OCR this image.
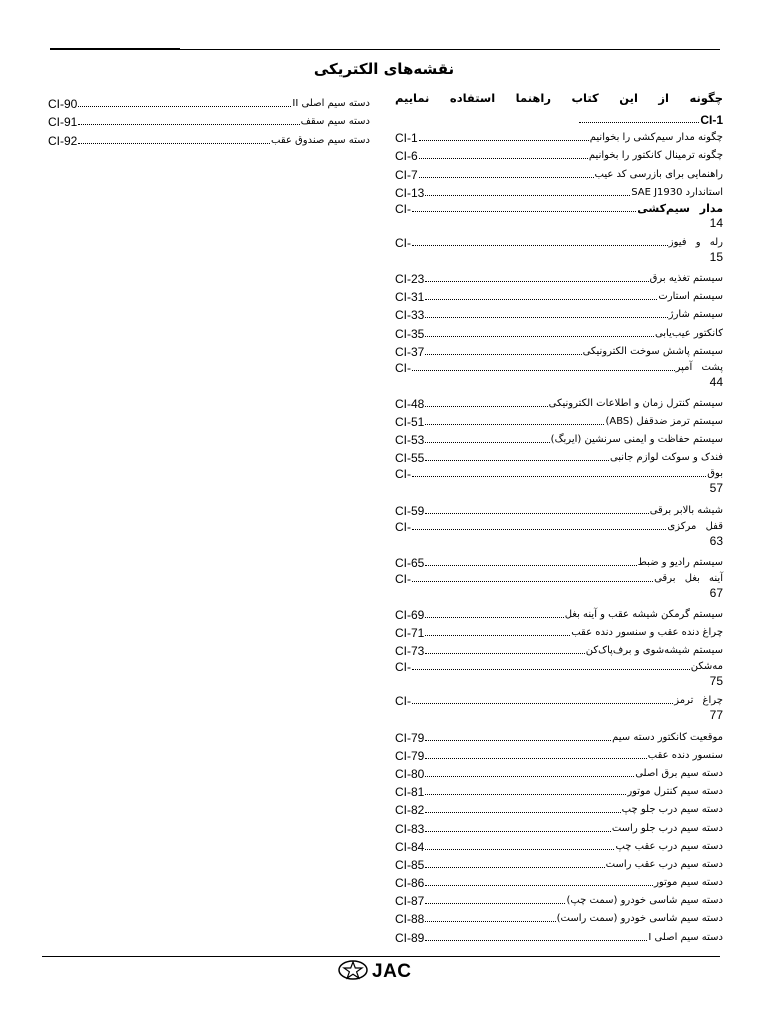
نقشه‌های الکتریکی
چگونه از این کتاب راهنما استفاده نماییم
CI-1
چگونه مدار سیم‌کشی را بخوانیم
CI-1
چگونه ترمینال کانکتور را بخوانیم
CI-6
راهنمایی برای بازرسی کد عیب
CI-7
استاندارد SAE J1930
CI-13
مدار سیم‌کشی
CI-
14
رله و فیوز
CI-
15
سیستم تغذیه برق
CI-23
سیستم استارت
CI-31
سیستم شارژ
CI-33
کانکتور عیب‌یابی
CI-35
سیستم پاشش سوخت الکترونیکی
CI-37
پشت آمپر
CI-
44
سیستم کنترل زمان و اطلاعات الکترونیکی
CI-48
سیستم ترمز ضدقفل (ABS)
CI-51
سیستم حفاظت و ایمنی سرنشین (ایربگ)
CI-53
فندک و سوکت لوازم جانبی
CI-55
بوق
CI-
57
شیشه بالابر برقی
CI-59
قفل مرکزی
CI-
63
سیستم رادیو و ضبط
CI-65
آینه بغل برقی
CI-
67
سیستم گرمکن شیشه عقب و آینه بغل
CI-69
چراغ دنده عقب و سنسور دنده عقب
CI-71
سیستم شیشه‌شوی و برف‌پاک‌کن
CI-73
مه‌شکن
CI-
75
چراغ ترمز
CI-
77
موقعیت کانکتور دسته سیم
CI-79
سنسور دنده عقب
CI-79
دسته سیم برق اصلی
CI-80
دسته سیم کنترل موتور
CI-81
دسته سیم درب جلو چپ
CI-82
دسته سیم درب جلو راست
CI-83
دسته سیم درب عقب چپ
CI-84
دسته سیم درب عقب راست
CI-85
دسته سیم موتور
CI-86
دسته سیم شاسی خودرو (سمت چپ)
CI-87
دسته سیم شاسی خودرو (سمت راست)
CI-88
دسته سیم اصلی I
CI-89
دسته سیم اصلی II
CI-90
دسته سیم سقف
CI-91
دسته سیم صندوق عقب
CI-92
JAC
